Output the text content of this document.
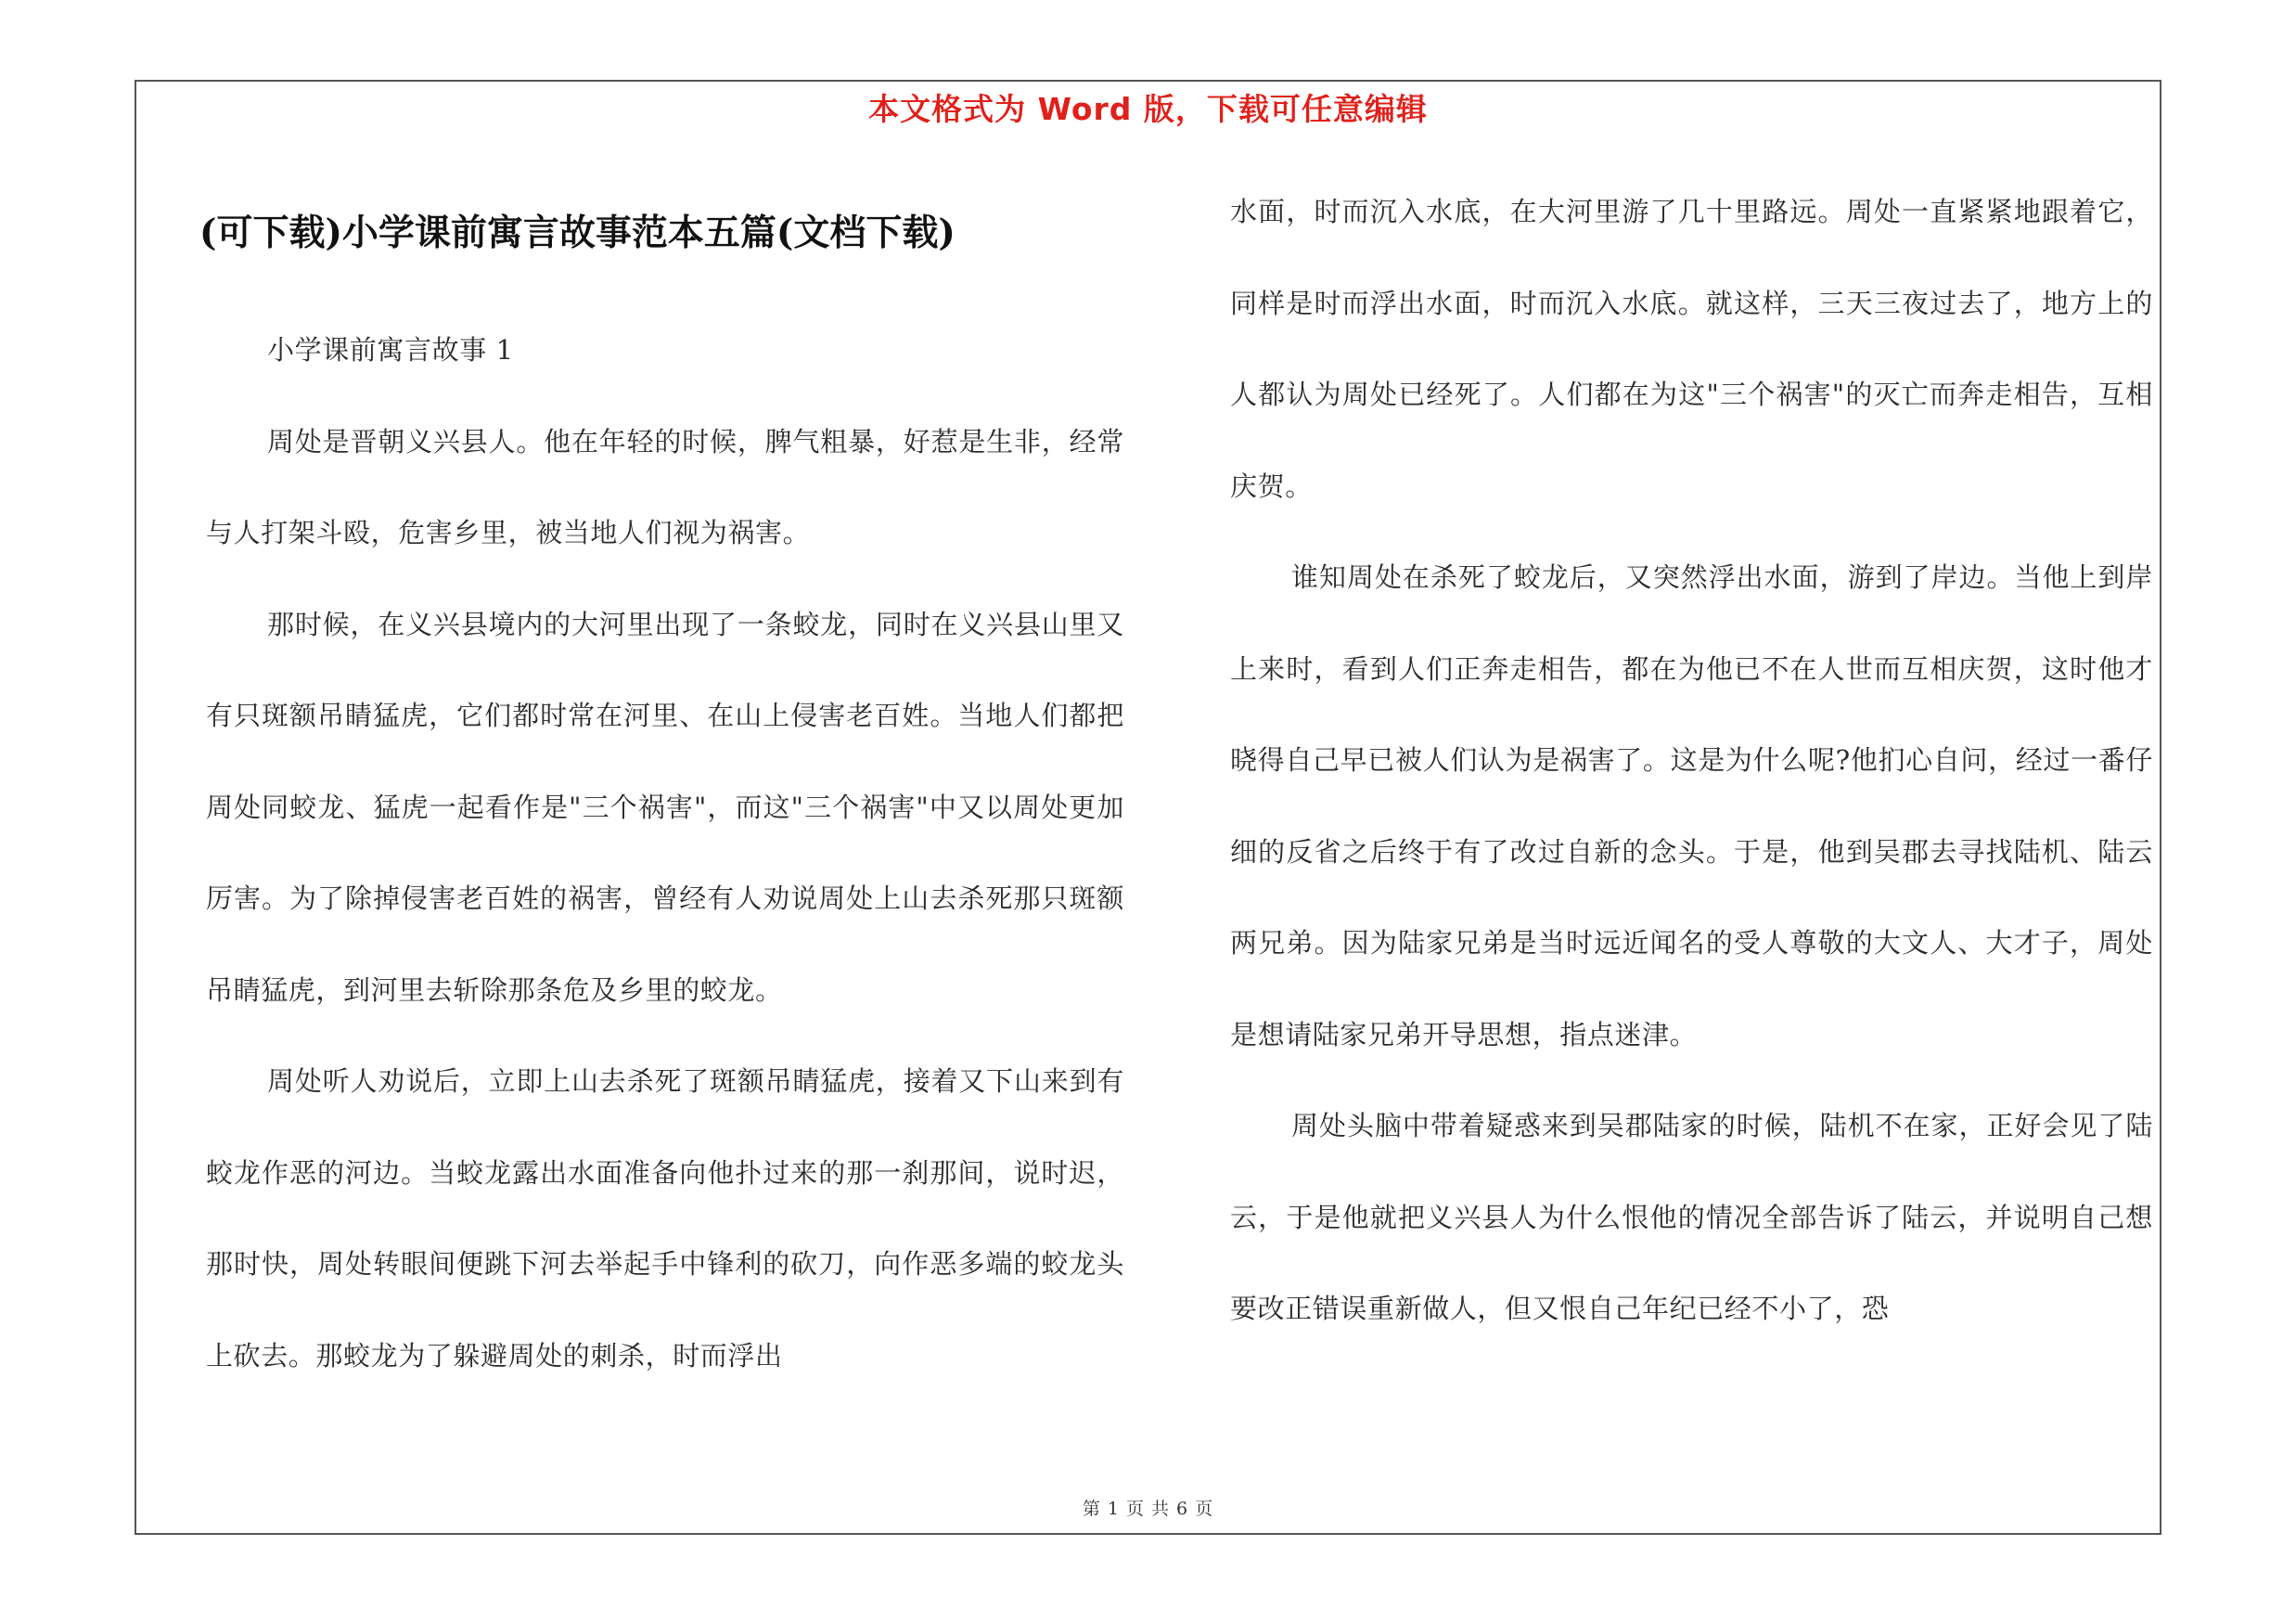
本文格式为 Word 版，下载可任意编辑
(可下载)小学课前寓言故事范本五篇(文档下载)

小学课前寓言故事 1

周处是晋朝义兴县人。他在年轻的时候，脾气粗暴，好惹是生非，经常与人打架斗殴，危害乡里，被当地人们视为祸害。

那时候，在义兴县境内的大河里出现了一条蛟龙，同时在义兴县山里又有只斑额吊睛猛虎，它们都时常在河里、在山上侵害老百姓。当地人们都把周处同蛟龙、猛虎一起看作是"三个祸害"，而这"三个祸害"中又以周处更加厉害。为了除掉侵害老百姓的祸害，曾经有人劝说周处上山去杀死那只斑额吊睛猛虎，到河里去斩除那条危及乡里的蛟龙。

周处听人劝说后，立即上山去杀死了斑额吊睛猛虎，接着又下山来到有蛟龙作恶的河边。当蛟龙露出水面准备向他扑过来的那一刹那间，说时迟，那时快，周处转眼间便跳下河去举起手中锋利的砍刀，向作恶多端的蛟龙头上砍去。那蛟龙为了躲避周处的刺杀，时而浮出

水面，时而沉入水底，在大河里游了几十里路远。周处一直紧紧地跟着它，同样是时而浮出水面，时而沉入水底。就这样，三天三夜过去了，地方上的人都认为周处已经死了。人们都在为这"三个祸害"的灭亡而奔走相告，互相庆贺。

谁知周处在杀死了蛟龙后，又突然浮出水面，游到了岸边。当他上到岸上来时，看到人们正奔走相告，都在为他已不在人世而互相庆贺，这时他才晓得自己早已被人们认为是祸害了。这是为什么呢?他扪心自问，经过一番仔细的反省之后终于有了改过自新的念头。于是，他到吴郡去寻找陆机、陆云两兄弟。因为陆家兄弟是当时远近闻名的受人尊敬的大文人、大才子，周处是想请陆家兄弟开导思想，指点迷津。

周处头脑中带着疑惑来到吴郡陆家的时候，陆机不在家，正好会见了陆云，于是他就把义兴县人为什么恨他的情况全部告诉了陆云，并说明自己想要改正错误重新做人，但又恨自己年纪已经不小了，恐

第 1 页 共 6 页
